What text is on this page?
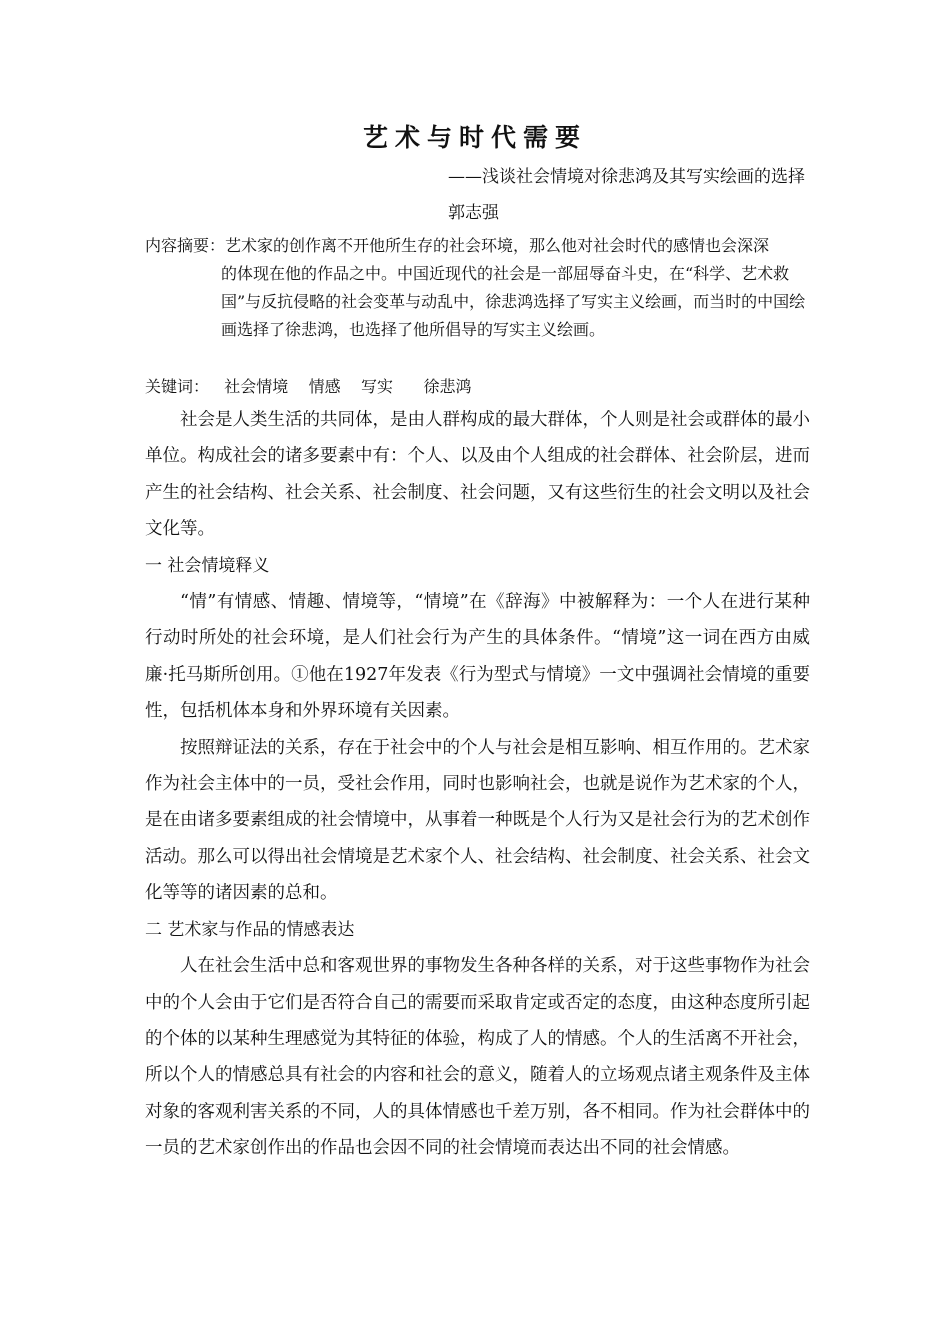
艺术与时代需要
——浅谈社会情境对徐悲鸿及其写实绘画的选择
郭志强
内容摘要：艺术家的创作离不开他所生存的社会环境，那么他对社会时代的感情也会深深
的体现在他的作品之中。中国近现代的社会是一部屈辱奋斗史，在“科学、艺术救国”与反抗侵略的社会变革与动乱中，徐悲鸿选择了写实主义绘画，而当时的中国绘画选择了徐悲鸿，也选择了他所倡导的写实主义绘画。
关键词：   社会情境    情感    写实      徐悲鸿

社会是人类生活的共同体，是由人群构成的最大群体，个人则是社会或群体的最小单位。构成社会的诸多要素中有：个人、以及由个人组成的社会群体、社会阶层，进而产生的社会结构、社会关系、社会制度、社会问题，又有这些衍生的社会文明以及社会文化等。

一 社会情境释义

“情”有情感、情趣、情境等，“情境”在《辞海》中被解释为：一个人在进行某种行动时所处的社会环境，是人们社会行为产生的具体条件。“情境”这一词在西方由威廉·托马斯所创用。①他在1927年发表《行为型式与情境》一文中强调社会情境的重要性，包括机体本身和外界环境有关因素。

按照辩证法的关系，存在于社会中的个人与社会是相互影响、相互作用的。艺术家作为社会主体中的一员，受社会作用，同时也影响社会，也就是说作为艺术家的个人，是在由诸多要素组成的社会情境中，从事着一种既是个人行为又是社会行为的艺术创作活动。那么可以得出社会情境是艺术家个人、社会结构、社会制度、社会关系、社会文化等等的诸因素的总和。

二 艺术家与作品的情感表达

人在社会生活中总和客观世界的事物发生各种各样的关系，对于这些事物作为社会中的个人会由于它们是否符合自己的需要而采取肯定或否定的态度，由这种态度所引起的个体的以某种生理感觉为其特征的体验，构成了人的情感。个人的生活离不开社会，所以个人的情感总具有社会的内容和社会的意义，随着人的立场观点诸主观条件及主体对象的客观利害关系的不同，人的具体情感也千差万别，各不相同。作为社会群体中的一员的艺术家创作出的作品也会因不同的社会情境而表达出不同的社会情感。
